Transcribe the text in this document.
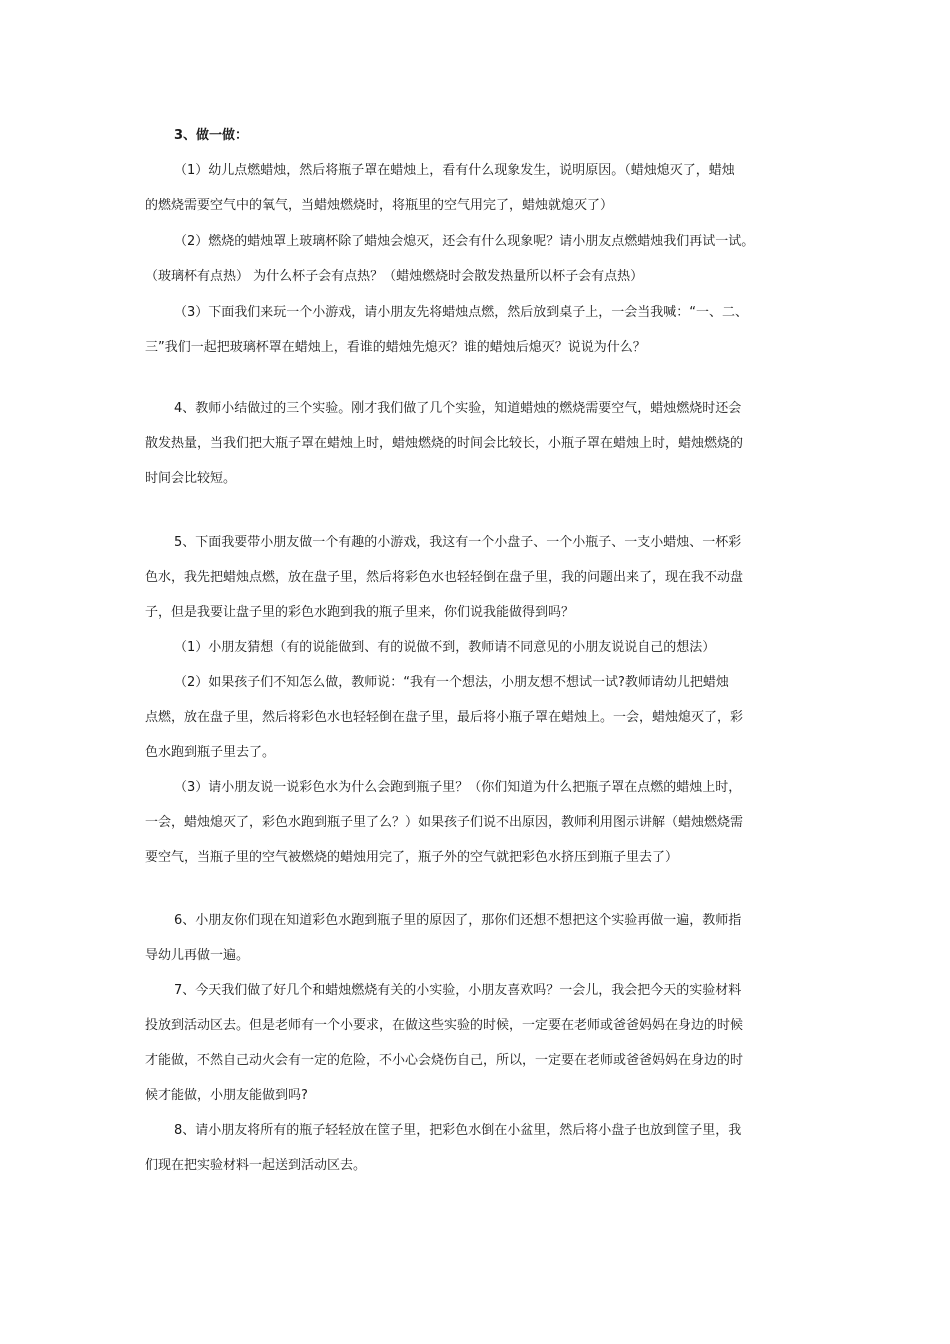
3、做一做：
（1）幼儿点燃蜡烛，然后将瓶子罩在蜡烛上，看有什么现象发生，说明原因。（蜡烛熄灭了，蜡烛
的燃烧需要空气中的氧气，当蜡烛燃烧时，将瓶里的空气用完了，蜡烛就熄灭了）
（2）燃烧的蜡烛罩上玻璃杯除了蜡烛会熄灭，还会有什么现象呢？请小朋友点燃蜡烛我们再试一试。
（玻璃杯有点热） 为什么杯子会有点热？（蜡烛燃烧时会散发热量所以杯子会有点热）
（3）下面我们来玩一个小游戏，请小朋友先将蜡烛点燃，然后放到桌子上，一会当我喊：“一、二、
三”我们一起把玻璃杯罩在蜡烛上，看谁的蜡烛先熄灭？谁的蜡烛后熄灭？说说为什么？
4、教师小结做过的三个实验。刚才我们做了几个实验，知道蜡烛的燃烧需要空气，蜡烛燃烧时还会
散发热量，当我们把大瓶子罩在蜡烛上时，蜡烛燃烧的时间会比较长，小瓶子罩在蜡烛上时，蜡烛燃烧的
时间会比较短。
5、下面我要带小朋友做一个有趣的小游戏，我这有一个小盘子、一个小瓶子、一支小蜡烛、一杯彩
色水，我先把蜡烛点燃，放在盘子里，然后将彩色水也轻轻倒在盘子里，我的问题出来了，现在我不动盘
子，但是我要让盘子里的彩色水跑到我的瓶子里来，你们说我能做得到吗？
（1）小朋友猜想（有的说能做到、有的说做不到，教师请不同意见的小朋友说说自己的想法）
（2）如果孩子们不知怎么做，教师说：“我有一个想法，小朋友想不想试一试?教师请幼儿把蜡烛
点燃，放在盘子里，然后将彩色水也轻轻倒在盘子里，最后将小瓶子罩在蜡烛上。一会，蜡烛熄灭了，彩
色水跑到瓶子里去了。
（3）请小朋友说一说彩色水为什么会跑到瓶子里？（你们知道为什么把瓶子罩在点燃的蜡烛上时，
一会，蜡烛熄灭了，彩色水跑到瓶子里了么？）如果孩子们说不出原因，教师利用图示讲解（蜡烛燃烧需
要空气，当瓶子里的空气被燃烧的蜡烛用完了，瓶子外的空气就把彩色水挤压到瓶子里去了）
6、小朋友你们现在知道彩色水跑到瓶子里的原因了，那你们还想不想把这个实验再做一遍，教师指
导幼儿再做一遍。
7、今天我们做了好几个和蜡烛燃烧有关的小实验，小朋友喜欢吗？一会儿，我会把今天的实验材料
投放到活动区去。但是老师有一个小要求，在做这些实验的时候，一定要在老师或爸爸妈妈在身边的时候
才能做，不然自己动火会有一定的危险，不小心会烧伤自己，所以，一定要在老师或爸爸妈妈在身边的时
候才能做，小朋友能做到吗?
8、请小朋友将所有的瓶子轻轻放在筐子里，把彩色水倒在小盆里，然后将小盘子也放到筐子里，我
们现在把实验材料一起送到活动区去。
